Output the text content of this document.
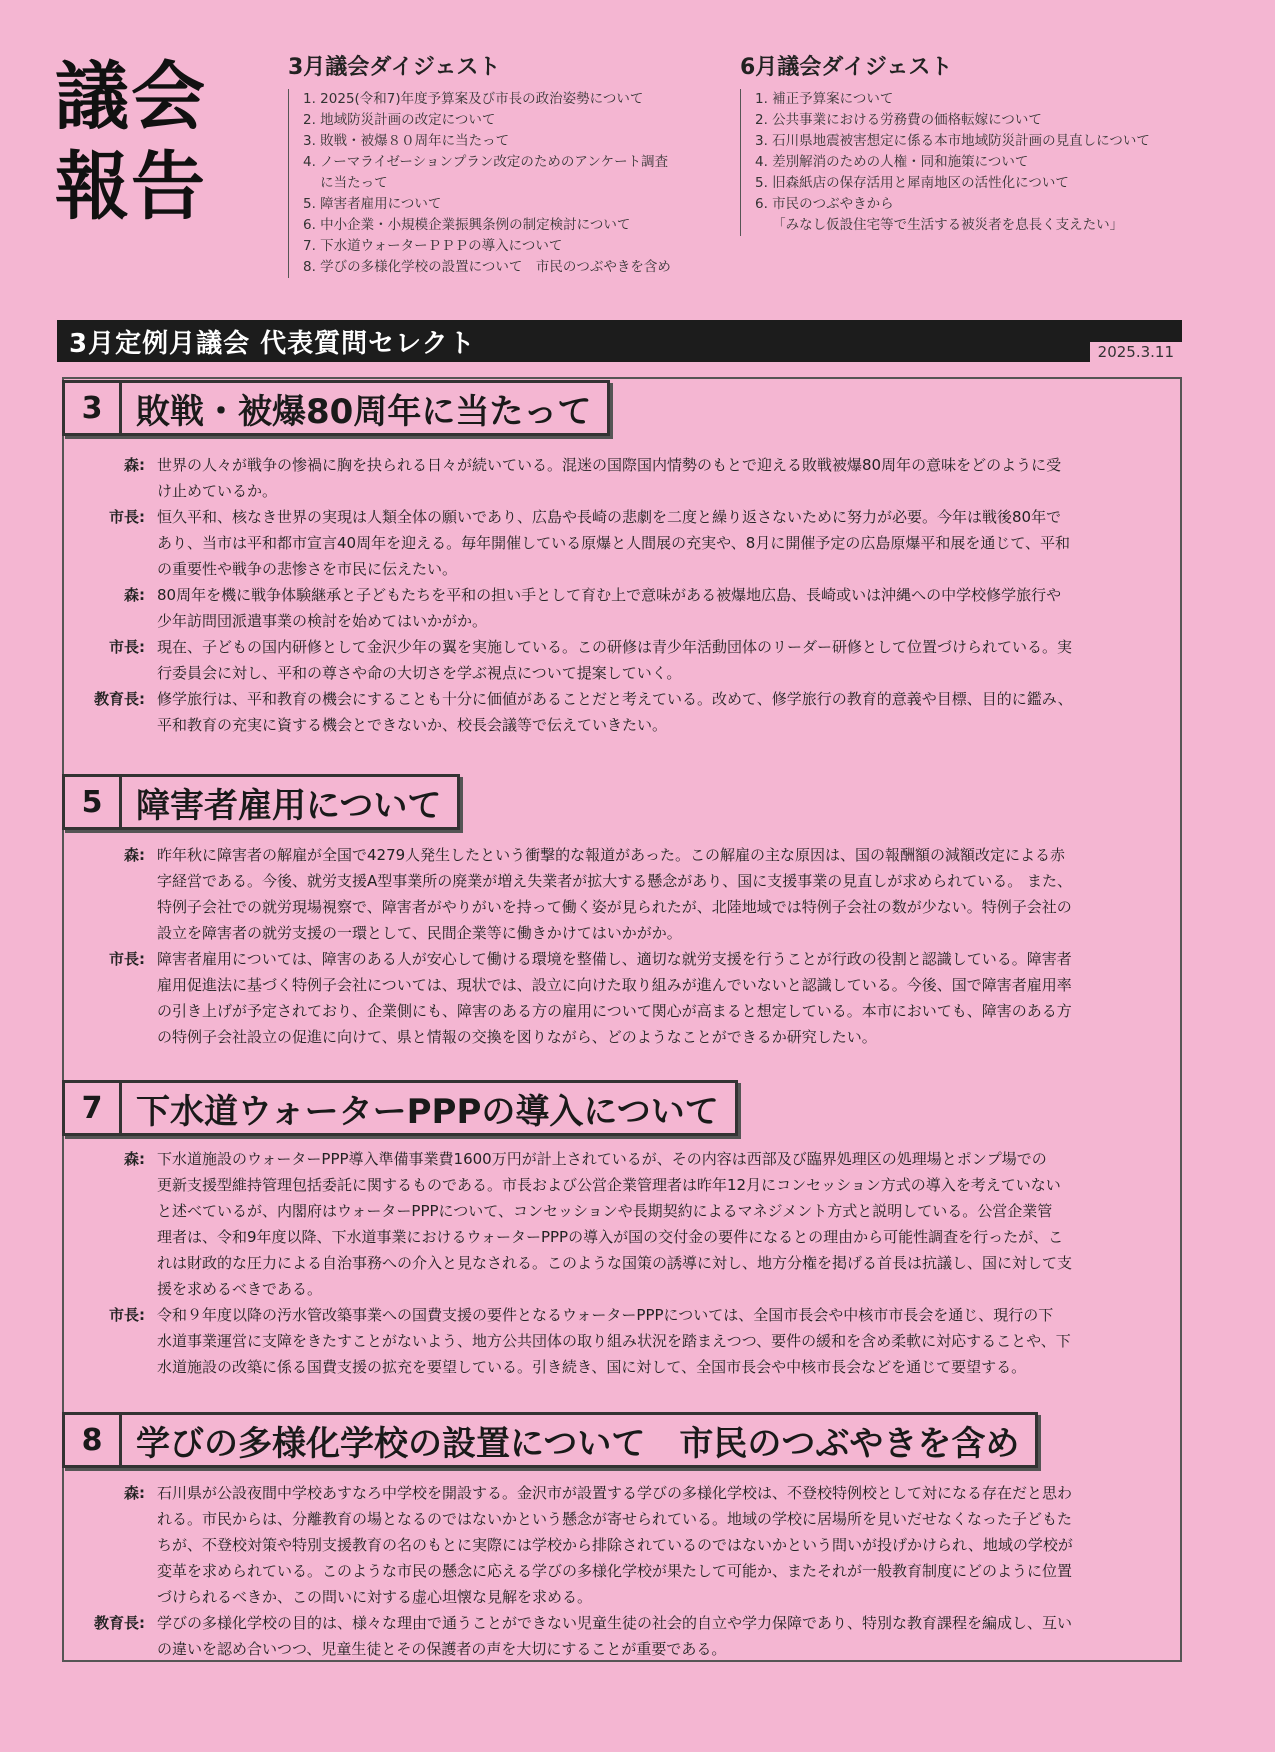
議会
報告
3月議会ダイジェスト
1. 2025(令和7)年度予算案及び市長の政治姿勢について
2. 地域防災計画の改定について
3. 敗戦・被爆８０周年に当たって
4. ノーマライゼーションプラン改定のためのアンケート調査
に当たって
5. 障害者雇用について
6. 中小企業・小規模企業振興条例の制定検討について
7. 下水道ウォーターＰＰＰの導入について
8. 学びの多様化学校の設置について　市民のつぶやきを含め
6月議会ダイジェスト
1. 補正予算案について
2. 公共事業における労務費の価格転嫁について
3. 石川県地震被害想定に係る本市地域防災計画の見直しについて
4. 差別解消のための人権・同和施策について
5. 旧森紙店の保存活用と犀南地区の活性化について
6. 市民のつぶやきから
「みなし仮設住宅等で生活する被災者を息長く支えたい」
3月定例月議会 代表質問セレクト	2025.3.11
3 敗戦・被爆80周年に当たって
森 : 世界の人々が戦争の惨禍に胸を抉られる日々が続いている。混迷の国際国内情勢のもとで迎える敗戦被爆80周年の意味をどのように受
け止めているか。
市長 : 恒久平和、核なき世界の実現は人類全体の願いであり、広島や長崎の悲劇を二度と繰り返さないために努力が必要。今年は戦後80年で
あり、当市は平和都市宣言40周年を迎える。毎年開催している原爆と人間展の充実や、8月に開催予定の広島原爆平和展を通じて、平和
の重要性や戦争の悲惨さを市民に伝えたい。
森 : 80周年を機に戦争体験継承と子どもたちを平和の担い手として育む上で意味がある被爆地広島、長崎或いは沖縄への中学校修学旅行や
少年訪問団派遣事業の検討を始めてはいかがか。
市長 : 現在、子どもの国内研修として金沢少年の翼を実施している。この研修は青少年活動団体のリーダー研修として位置づけられている。実
行委員会に対し、平和の尊さや命の大切さを学ぶ視点について提案していく。
教育長 : 修学旅行は、平和教育の機会にすることも十分に価値があることだと考えている。改めて、修学旅行の教育的意義や目標、目的に鑑み、
平和教育の充実に資する機会とできないか、校長会議等で伝えていきたい。
5 障害者雇用について
森 : 昨年秋に障害者の解雇が全国で4279人発生したという衝撃的な報道があった。この解雇の主な原因は、国の報酬額の減額改定による赤
字経営である。今後、就労支援A型事業所の廃業が増え失業者が拡大する懸念があり、国に支援事業の見直しが求められている。 また、
特例子会社での就労現場視察で、障害者がやりがいを持って働く姿が見られたが、北陸地域では特例子会社の数が少ない。特例子会社の
設立を障害者の就労支援の一環として、民間企業等に働きかけてはいかがか。
市長 : 障害者雇用については、障害のある人が安心して働ける環境を整備し、適切な就労支援を行うことが行政の役割と認識している。障害者
雇用促進法に基づく特例子会社については、現状では、設立に向けた取り組みが進んでいないと認識している。今後、国で障害者雇用率
の引き上げが予定されており、企業側にも、障害のある方の雇用について関心が高まると想定している。本市においても、障害のある方
の特例子会社設立の促進に向けて、県と情報の交換を図りながら、どのようなことができるか研究したい。
7 下水道ウォーターPPPの導入について
森 : 下水道施設のウォーターPPP導入準備事業費1600万円が計上されているが、その内容は西部及び臨界処理区の処理場とポンプ場での
更新支援型維持管理包括委託に関するものである。市長および公営企業管理者は昨年12月にコンセッション方式の導入を考えていない
と述べているが、内閣府はウォーターPPPについて、コンセッションや長期契約によるマネジメント方式と説明している。公営企業管
理者は、令和9年度以降、下水道事業におけるウォーターPPPの導入が国の交付金の要件になるとの理由から可能性調査を行ったが、こ
れは財政的な圧力による自治事務への介入と見なされる。このような国策の誘導に対し、地方分権を掲げる首長は抗議し、国に対して支
援を求めるべきである。
市長 : 令和９年度以降の汚水管改築事業への国費支援の要件となるウォーターPPPについては、全国市長会や中核市市長会を通じ、現行の下
水道事業運営に支障をきたすことがないよう、地方公共団体の取り組み状況を踏まえつつ、要件の緩和を含め柔軟に対応することや、下
水道施設の改築に係る国費支援の拡充を要望している。引き続き、国に対して、全国市長会や中核市長会などを通じて要望する。
8 学びの多様化学校の設置について　市民のつぶやきを含め
森 : 石川県が公設夜間中学校あすなろ中学校を開設する。金沢市が設置する学びの多様化学校は、不登校特例校として対になる存在だと思わ
れる。市民からは、分離教育の場となるのではないかという懸念が寄せられている。地域の学校に居場所を見いだせなくなった子どもた
ちが、不登校対策や特別支援教育の名のもとに実際には学校から排除されているのではないかという問いが投げかけられ、地域の学校が
変革を求められている。このような市民の懸念に応える学びの多様化学校が果たして可能か、またそれが一般教育制度にどのように位置
づけられるべきか、この問いに対する虚心坦懐な見解を求める。
教育長 : 学びの多様化学校の目的は、様々な理由で通うことができない児童生徒の社会的自立や学力保障であり、特別な教育課程を編成し、互い
の違いを認め合いつつ、児童生徒とその保護者の声を大切にすることが重要である。
